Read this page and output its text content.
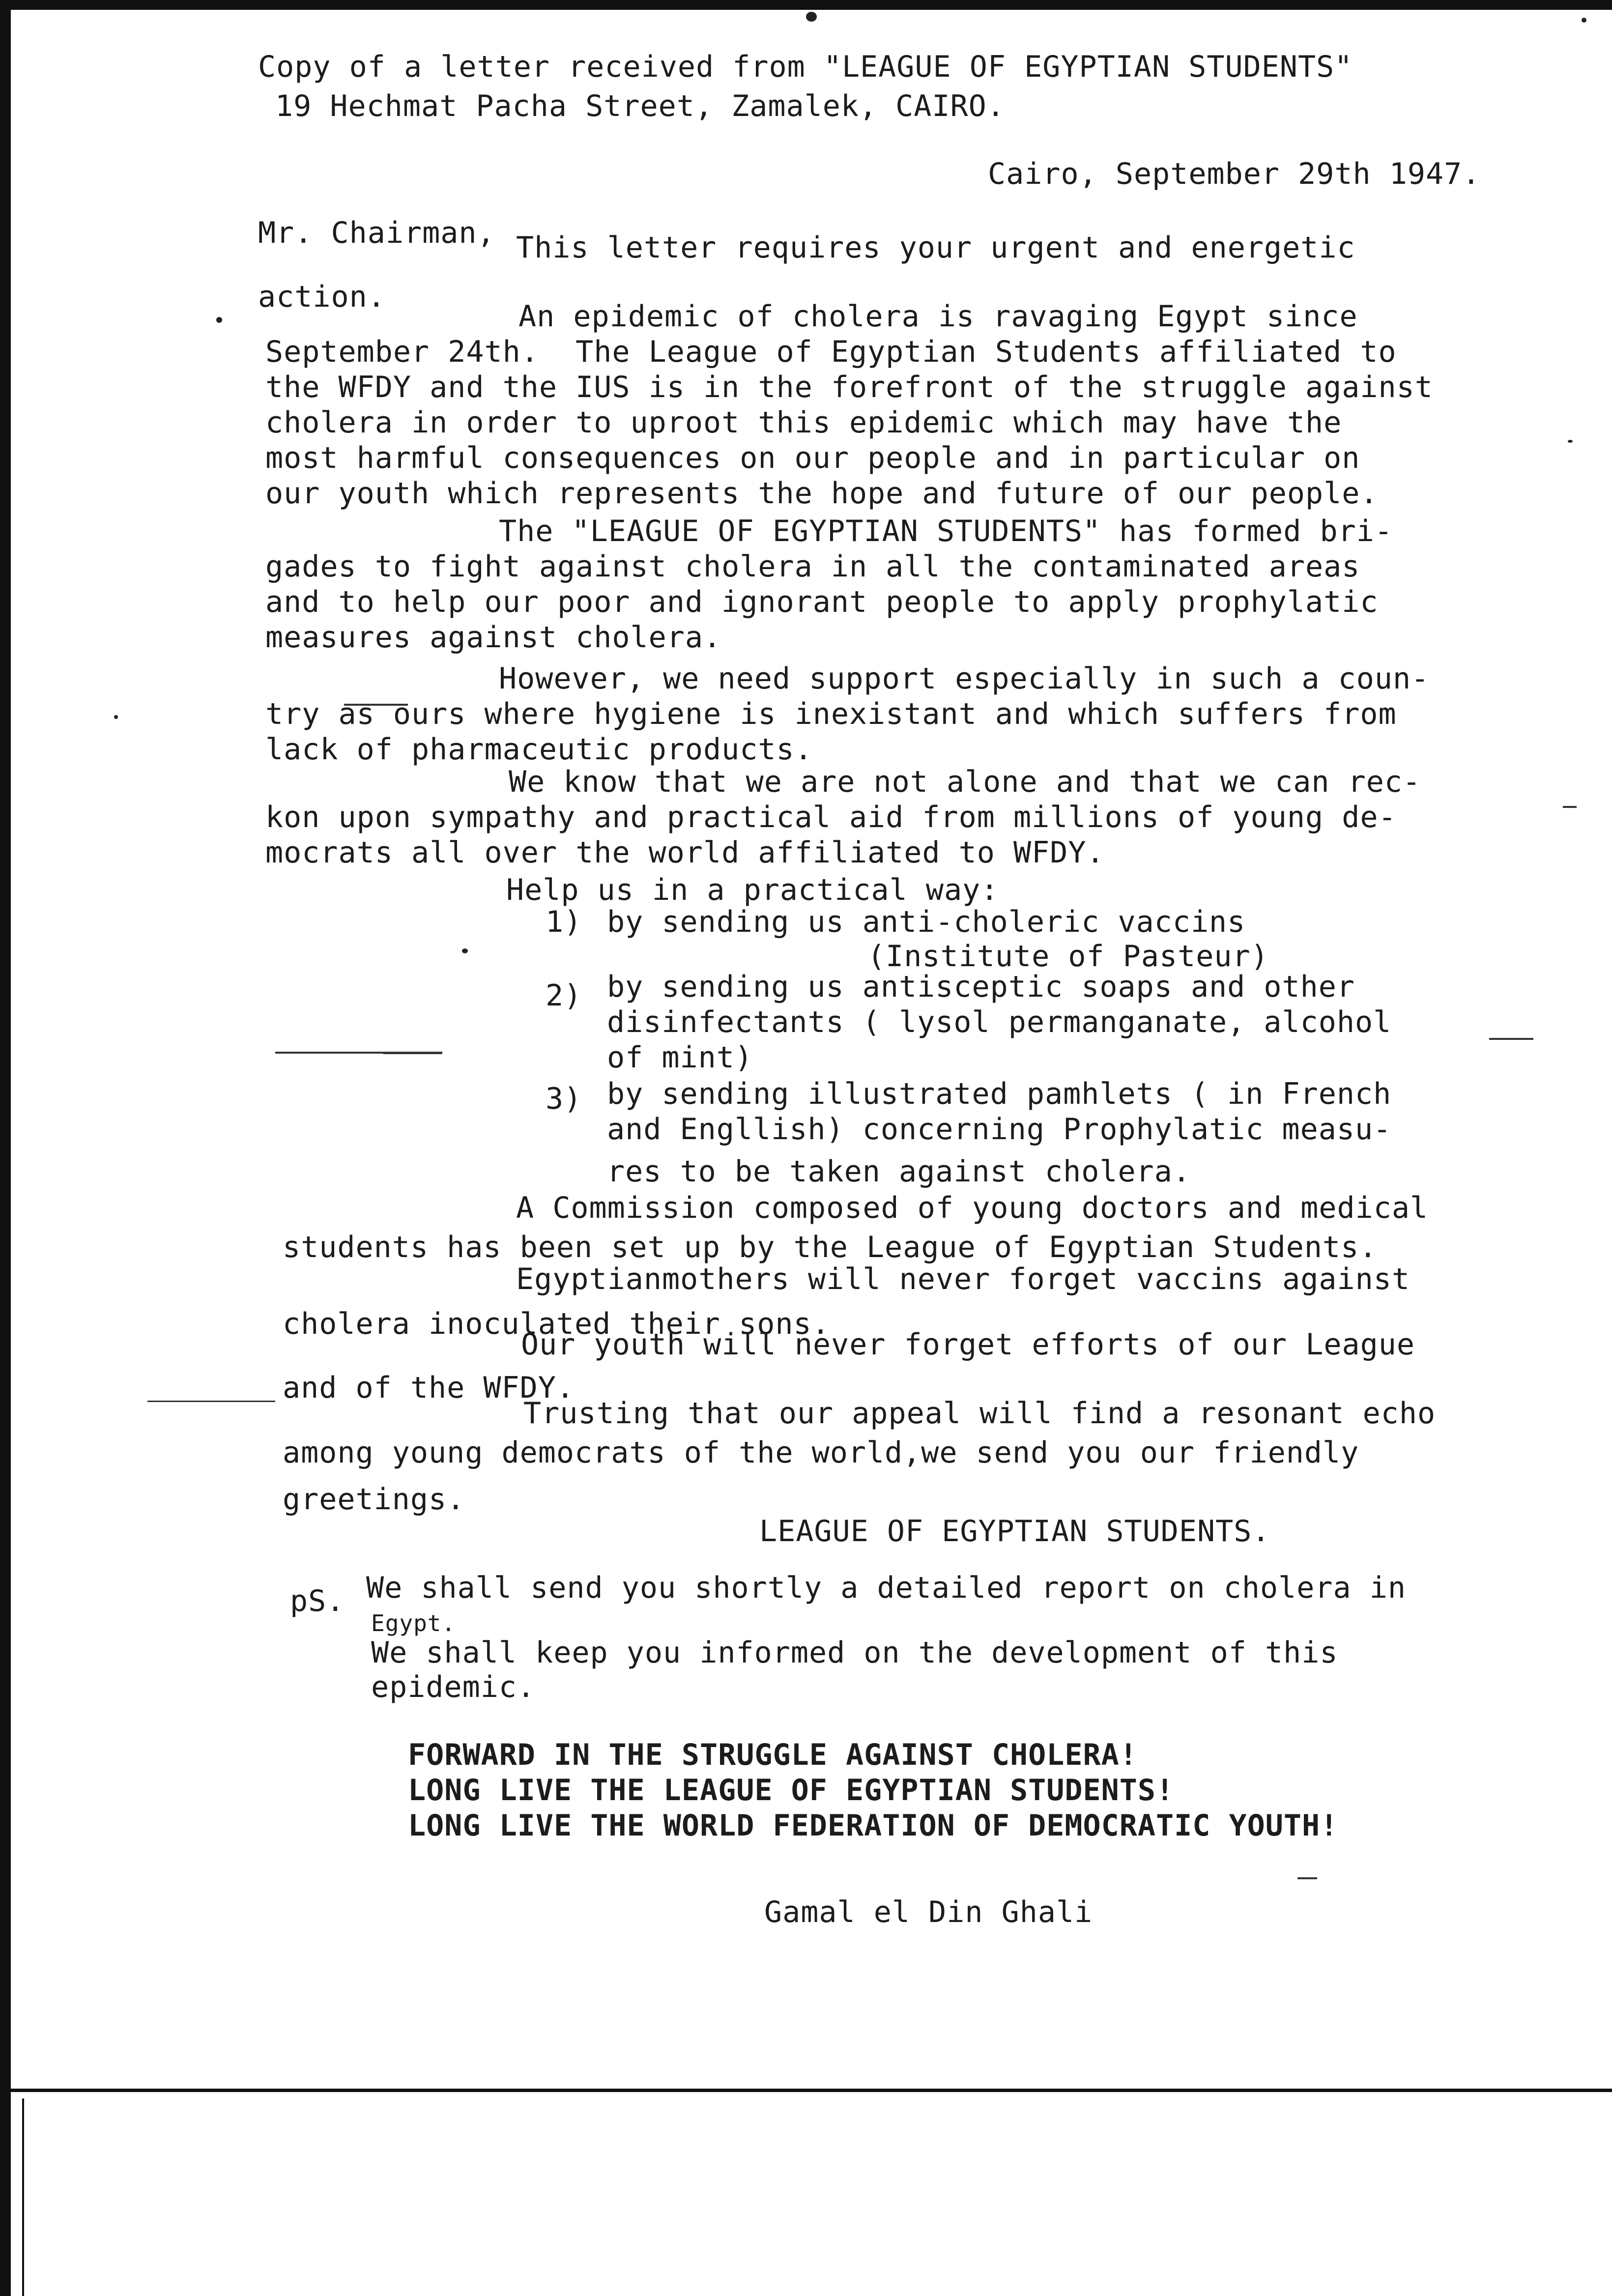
Copy of a letter received from "LEAGUE OF EGYPTIAN STUDENTS"

19 Hechmat Pacha Street, Zamalek, CAIRO.

Cairo, September 29th 1947.

Mr. Chairman, This letter requires your urgent and energetic

action.

An epidemic of cholera is ravaging Egypt since

September 24th.  The League of Egyptian Students affiliated to

the WFDY and the IUS is in the forefront of the struggle against

cholera in order to uproot this epidemic which may have the

most harmful consequences on our people and in particular on

our youth which represents the hope and future of our people.

The "LEAGUE OF EGYPTIAN STUDENTS" has formed bri-

gades to fight against cholera in all the contaminated areas

and to help our poor and ignorant people to apply prophylatic

measures against cholera.

However, we need support especially in such a coun-

try as ours where hygiene is inexistant and which suffers from

lack of pharmaceutic products.

We know that we are not alone and that we can rec-

kon upon sympathy and practical aid from millions of young de-

mocrats all over the world affiliated to WFDY.

Help us in a practical way:

1) by sending us anti-choleric vaccins

(Institute of Pasteur)

2) by sending us antisceptic soaps and other

disinfectants ( lysol permanganate, alcohol

of mint)

3) by sending illustrated pamhlets ( in French

and Engllish) concerning Prophylatic measu-

res to be taken against cholera.

A Commission composed of young doctors and medical

students has been set up by the League of Egyptian Students.

Egyptianmothers will never forget vaccins against

cholera inoculated their sons.

Our youth will never forget efforts of our League

and of the WFDY.

Trusting that our appeal will find a resonant echo

among young democrats of the world,we send you our friendly

greetings.

LEAGUE OF EGYPTIAN STUDENTS.

pS. We shall send you shortly a detailed report on cholera in

Egypt.

We shall keep you informed on the development of this

epidemic.

FORWARD IN THE STRUGGLE AGAINST CHOLERA!

LONG LIVE THE LEAGUE OF EGYPTIAN STUDENTS!

LONG LIVE THE WORLD FEDERATION OF DEMOCRATIC YOUTH!

Gamal el Din Ghali
